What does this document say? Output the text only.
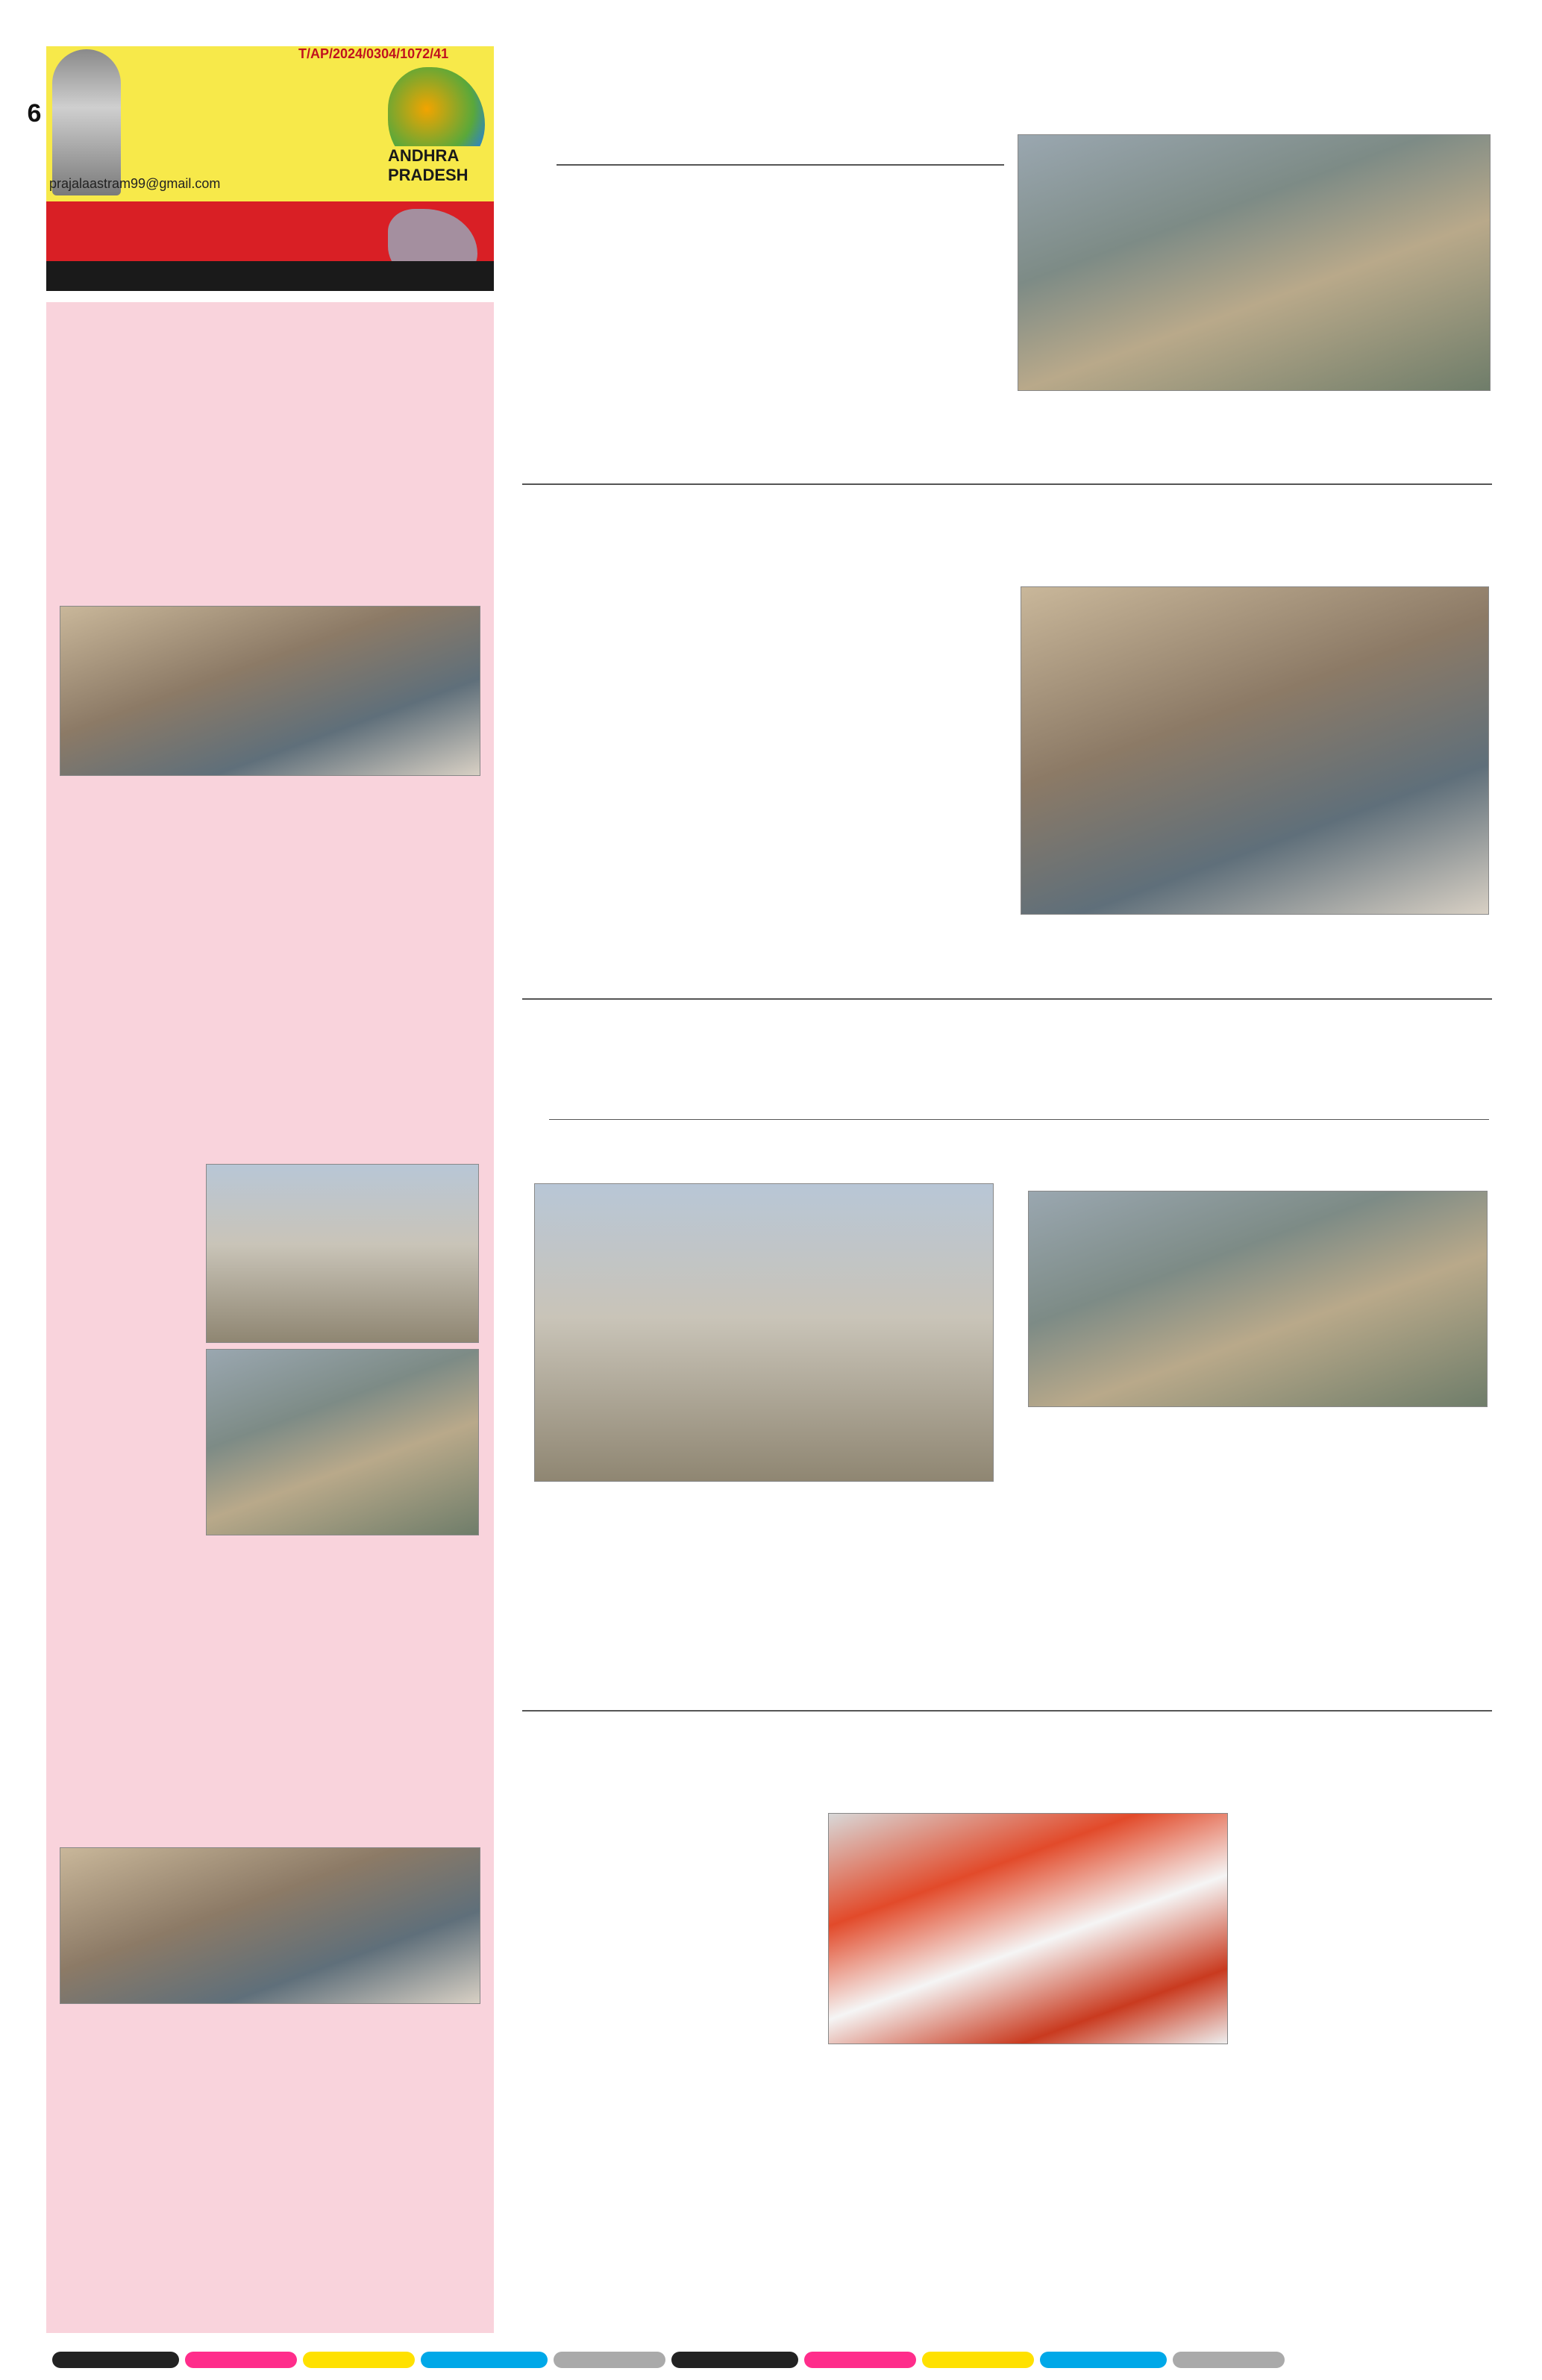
6
T/AP/2024/0304/1072/41
ANDHRA PRADESH
prajalaastram99@gmail.com
